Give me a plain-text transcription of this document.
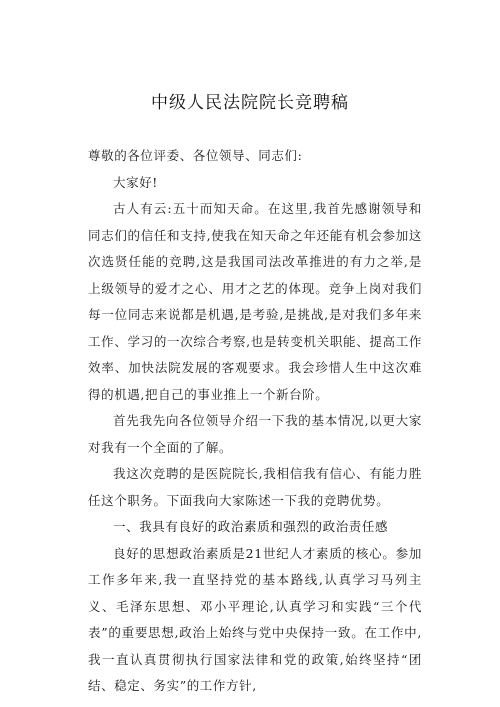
中级人民法院院长竞聘稿

尊敬的各位评委、各位领导、同志们:

大家好!

古人有云:五十而知天命。在这里,我首先感谢领导和同志们的信任和支持,使我在知天命之年还能有机会参加这次选贤任能的竞聘,这是我国司法改革推进的有力之举,是上级领导的爱才之心、用才之艺的体现。竞争上岗对我们每一位同志来说都是机遇,是考验,是挑战,是对我们多年来工作、学习的一次综合考察,也是转变机关职能、提高工作效率、加快法院发展的客观要求。我会珍惜人生中这次难得的机遇,把自己的事业推上一个新台阶。

首先我先向各位领导介绍一下我的基本情况,以更大家对我有一个全面的了解。

我这次竞聘的是医院院长,我相信我有信心、有能力胜任这个职务。下面我向大家陈述一下我的竞聘优势。

一、我具有良好的政治素质和强烈的政治责任感

良好的思想政治素质是21世纪人才素质的核心。参加工作多年来,我一直坚持党的基本路线,认真学习马列主义、毛泽东思想、邓小平理论,认真学习和实践“三个代表”的重要思想,政治上始终与党中央保持一致。在工作中,我一直认真贯彻执行国家法律和党的政策,始终坚持“团结、稳定、务实”的工作方针,
